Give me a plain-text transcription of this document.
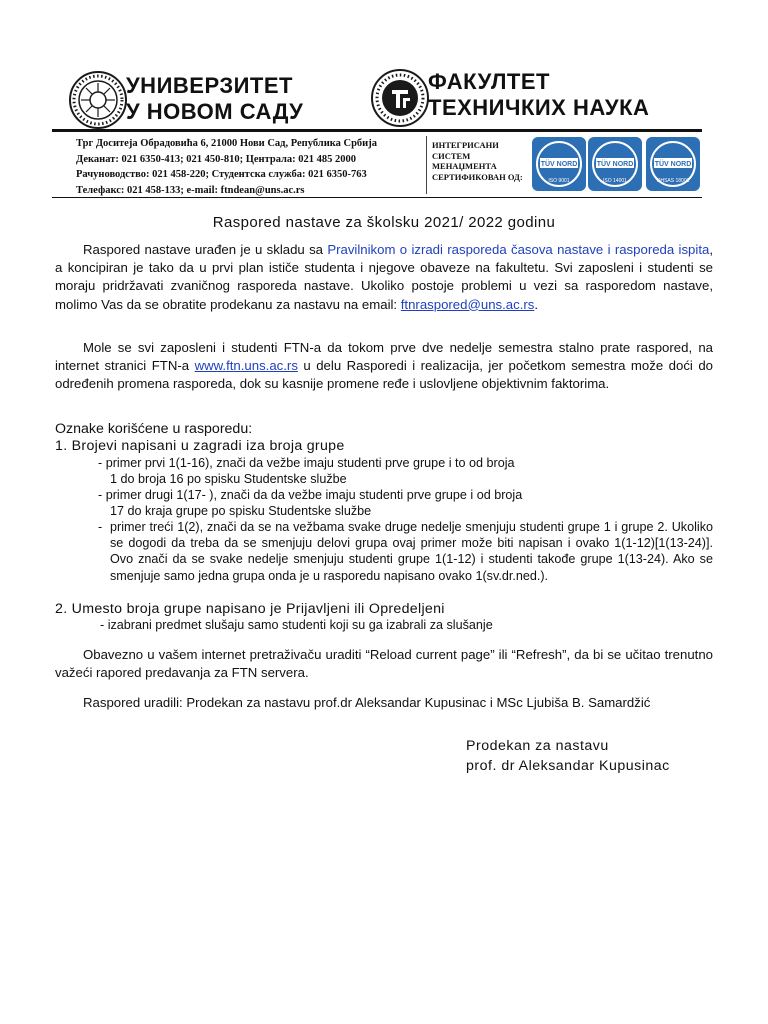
УНИВЕРЗИТЕТ
У НОВОМ САДУ
ФАКУЛТЕТ
ТЕХНИЧКИХ НАУКА
Трг Доситеја Обрадовића 6, 21000 Нови Сад, Република Србија
Деканат: 021 6350-413; 021 450-810; Централа: 021 485 2000
Рачуноводство: 021 458-220; Студентска служба: 021 6350-763
Телефакс: 021 458-133; e-mail: ftndean@uns.ac.rs
ИНТЕГРИСАНИ
СИСТЕМ
МЕНАЏМЕНТА
СЕРТИФИКОВАН ОД:
TÜV NORD
ISO 9001
TÜV NORD
ISO 14001
TÜV NORD
OHSAS 18001
Raspored nastave za školsku 2021/ 2022 godinu
Raspored nastave urađen je u skladu sa Pravilnikom o izradi rasporeda časova nastave i rasporeda ispita, a koncipiran je tako da u prvi plan ističe studenta i njegove obaveze na fakultetu. Svi zaposleni i studenti se moraju pridržavati zvaničnog rasporeda nastave. Ukoliko postoje problemi u vezi sa rasporedom nastave, molimo Vas da se obratite prodekanu za nastavu na email: ftnraspored@uns.ac.rs.
Mole se svi zaposleni i studenti FTN-a da tokom prve dve nedelje semestra stalno prate raspored, na internet stranici FTN-a www.ftn.uns.ac.rs u delu Rasporedi i realizacija, jer početkom semestra može doći do određenih promena rasporeda, dok su kasnije promene ređe i uslovljene objektivnim faktorima.
Oznake korišćene u rasporedu:
1. Brojevi napisani u zagradi iza broja grupe
- primer prvi 1(1-16), znači da vežbe imaju studenti prve grupe i to od broja
1 do broja 16 po spisku Studentske službe
- primer drugi 1(17- ), znači da da vežbe imaju studenti prve grupe i od broja
17 do kraja grupe po spisku Studentske službe
- primer treći 1(2), znači da se na vežbama svake druge nedelje smenjuju studenti grupe 1 i grupe 2. Ukoliko se dogodi da treba da se smenjuju delovi grupa ovaj primer može biti napisan i ovako 1(1-12)[1(13-24)]. Ovo znači da se svake nedelje smenjuju studenti grupe 1(1-12) i studenti takođe grupe 1(13-24). Ako se smenjuje samo jedna grupa onda je u rasporedu napisano ovako 1(sv.dr.ned.).
2. Umesto broja grupe napisano je Prijavljeni ili Opredeljeni
- izabrani predmet slušaju samo studenti koji su ga izabrali za slušanje
Obavezno u vašem internet pretraživaču uraditi “Reload current page” ili “Refresh”, da bi se učitao trenutno važeći rapored predavanja za FTN servera.
Raspored uradili: Prodekan za nastavu prof.dr Aleksandar Kupusinac i MSc Ljubiša B. Samardžić
Prodekan za nastavu
prof. dr Aleksandar Kupusinac
